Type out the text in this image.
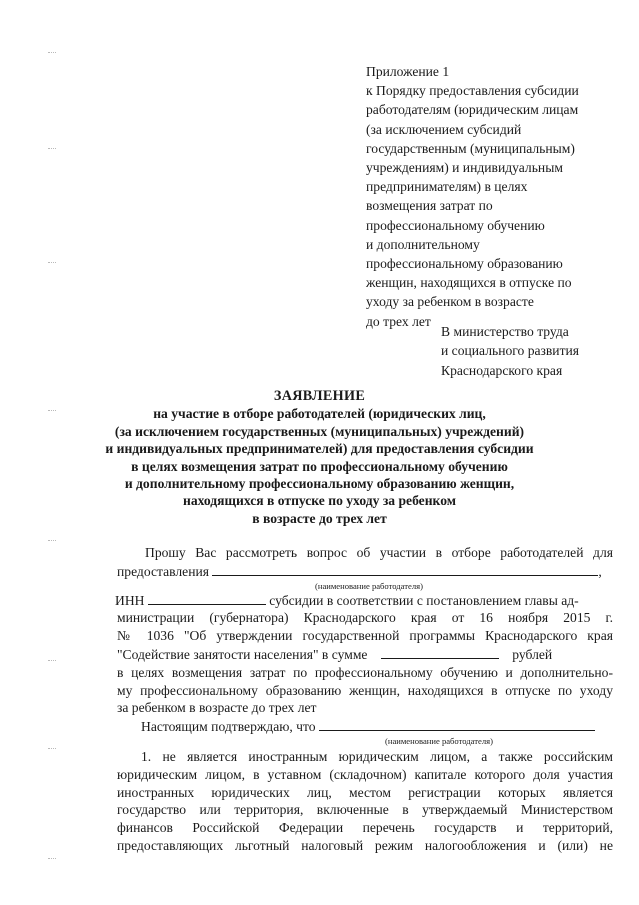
Приложение 1
к Порядку предоставления субсидии
работодателям (юридическим лицам
(за исключением субсидий
государственным (муниципальным)
учреждениям) и индивидуальным
предпринимателям) в целях
возмещения затрат по
профессиональному обучению
и дополнительному
профессиональному образованию
женщин, находящихся в отпуске по
уходу за ребенком в возрасте
до трех лет
В министерство труда
и социального развития
Краснодарского края
ЗАЯВЛЕНИЕ
на участие в отборе работодателей (юридических лиц,
(за исключением государственных (муниципальных) учреждений)
и индивидуальных предпринимателей) для предоставления субсидии
в целях возмещения затрат по профессиональному обучению
и дополнительному профессиональному образованию женщин,
находящихся в отпуске по уходу за ребенком
в возрасте до трех лет
Прошу Вас рассмотреть вопрос об участии в отборе работодателей для
предоставления	,
(наименование работодателя)
ИНН	субсидии в соответствии с постановлением главы ад-
министрации (губернатора) Краснодарского края от 16 ноября 2015 г.
№ 1036 "Об утверждении государственной программы Краснодарского края
"Содействие занятости населения" в сумме	рублей
в целях возмещения затрат по профессиональному обучению и дополнительно-
му профессиональному образованию женщин, находящихся в отпуске по уходу
за ребенком в возрасте до трех лет
Настоящим подтверждаю, что
(наименование работодателя)
1. не является иностранным юридическим лицом, а также российским
юридическим лицом, в уставном (складочном) капитале которого доля участия
иностранных юридических лиц, местом регистрации которых является
государство или территория, включенные в утверждаемый Министерством
финансов Российской Федерации перечень государств и территорий,
предоставляющих льготный налоговый режим налогообложения и (или) не
